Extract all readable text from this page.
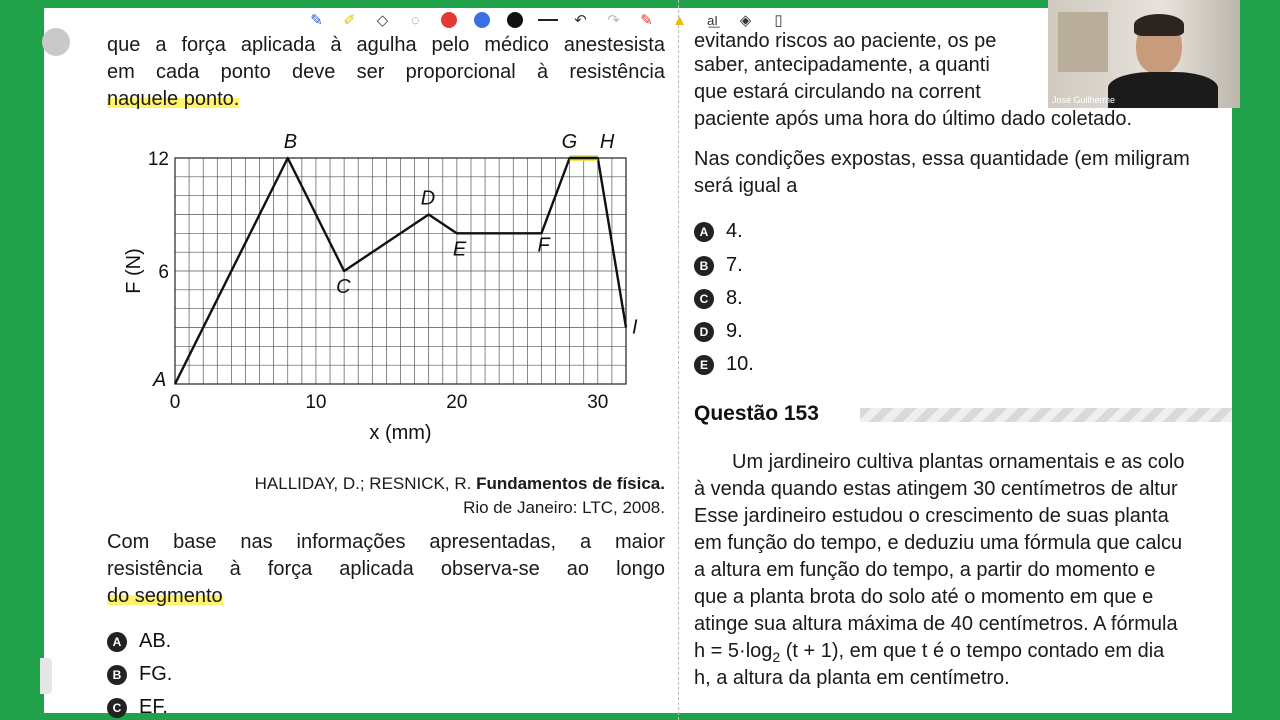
✎	✐	◇	◌	↶	↷	✎	▲	a͟I	◈	▯
que a força aplicada à agulha pelo médico anestesista
em cada ponto deve ser proporcional à resistência
naquele ponto.
A
B
C
D
E	F
G H
I
0	10	20	30
6
12
x (mm)
F (N)
HALLIDAY, D.; RESNICK, R. Fundamentos de física.
Rio de Janeiro: LTC, 2008.
Com base nas informações apresentadas, a maior
resistência à força aplicada observa-se ao longo
do segmento
A AB.
B FG.
C EF.
evitando riscos ao paciente, os pe
saber, antecipadamente, a quanti
que estará circulando na corrent
paciente após uma hora do último dado coletado.
Nas condições expostas, essa quantidade (em miligram
será igual a
A 4.
B 7.
C 8.
D 9.
E 10.
Questão 153
Um jardineiro cultiva plantas ornamentais e as colo
à venda quando estas atingem 30 centímetros de altur
Esse jardineiro estudou o crescimento de suas planta
em função do tempo, e deduziu uma fórmula que calcu
a altura em função do tempo, a partir do momento e
que a planta brota do solo até o momento em que e
atinge sua altura máxima de 40 centímetros. A fórmula
$h = 5\cdot\log_2$ (t + 1), em que t é o tempo contado em dia
h, a altura da planta em centímetro.
José Guilherme
